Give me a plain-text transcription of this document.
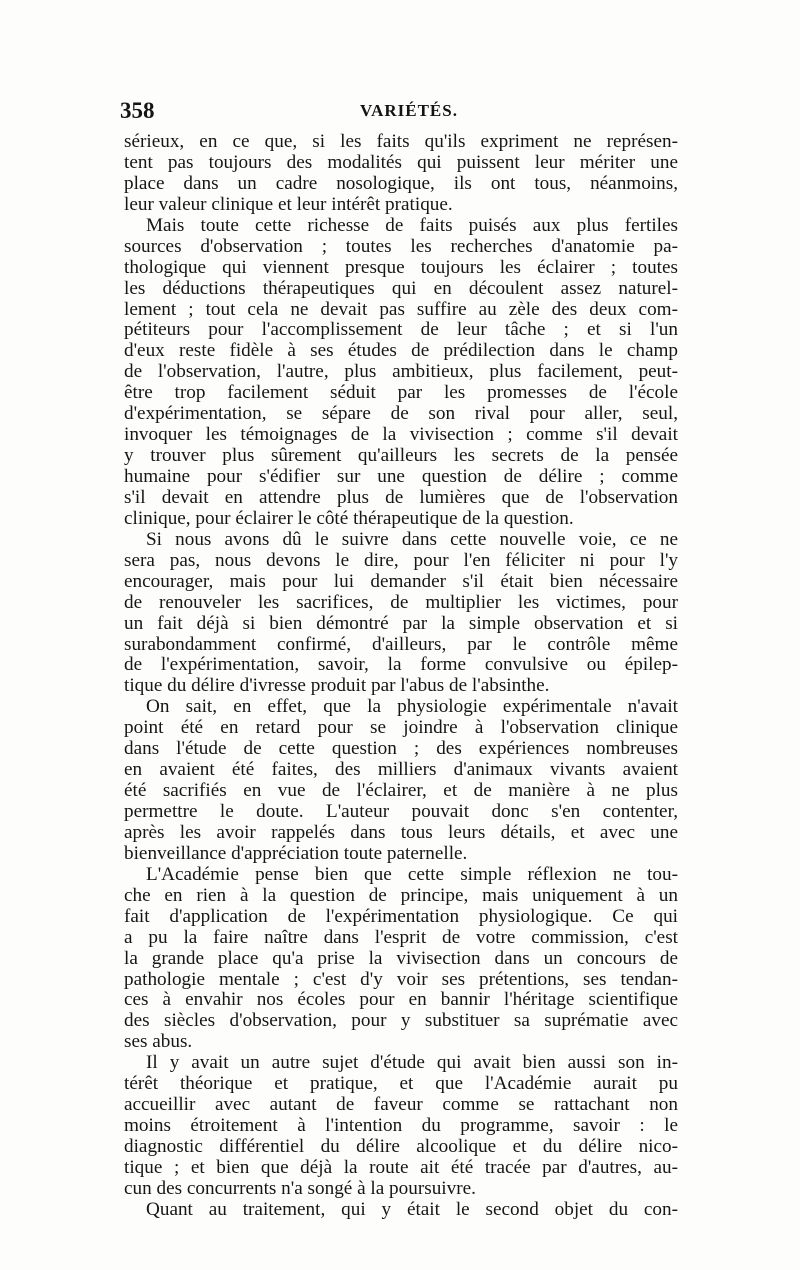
358	VARIÉTÉS.
sérieux, en ce que, si les faits qu'ils expriment ne représen-
tent pas toujours des modalités qui puissent leur mériter une
place dans un cadre nosologique, ils ont tous, néanmoins,
leur valeur clinique et leur intérêt pratique.
Mais toute cette richesse de faits puisés aux plus fertiles
sources d'observation ; toutes les recherches d'anatomie pa-
thologique qui viennent presque toujours les éclairer ; toutes
les déductions thérapeutiques qui en découlent assez naturel-
lement ; tout cela ne devait pas suffire au zèle des deux com-
pétiteurs pour l'accomplissement de leur tâche ; et si l'un
d'eux reste fidèle à ses études de prédilection dans le champ
de l'observation, l'autre, plus ambitieux, plus facilement, peut-
être trop facilement séduit par les promesses de l'école
d'expérimentation, se sépare de son rival pour aller, seul,
invoquer les témoignages de la vivisection ; comme s'il devait
y trouver plus sûrement qu'ailleurs les secrets de la pensée
humaine pour s'édifier sur une question de délire ; comme
s'il devait en attendre plus de lumières que de l'observation
clinique, pour éclairer le côté thérapeutique de la question.
Si nous avons dû le suivre dans cette nouvelle voie, ce ne
sera pas, nous devons le dire, pour l'en féliciter ni pour l'y
encourager, mais pour lui demander s'il était bien nécessaire
de renouveler les sacrifices, de multiplier les victimes, pour
un fait déjà si bien démontré par la simple observation et si
surabondamment confirmé, d'ailleurs, par le contrôle même
de l'expérimentation, savoir, la forme convulsive ou épilep-
tique du délire d'ivresse produit par l'abus de l'absinthe.
On sait, en effet, que la physiologie expérimentale n'avait
point été en retard pour se joindre à l'observation clinique
dans l'étude de cette question ; des expériences nombreuses
en avaient été faites, des milliers d'animaux vivants avaient
été sacrifiés en vue de l'éclairer, et de manière à ne plus
permettre le doute. L'auteur pouvait donc s'en contenter,
après les avoir rappelés dans tous leurs détails, et avec une
bienveillance d'appréciation toute paternelle.
L'Académie pense bien que cette simple réflexion ne tou-
che en rien à la question de principe, mais uniquement à un
fait d'application de l'expérimentation physiologique. Ce qui
a pu la faire naître dans l'esprit de votre commission, c'est
la grande place qu'a prise la vivisection dans un concours de
pathologie mentale ; c'est d'y voir ses prétentions, ses tendan-
ces à envahir nos écoles pour en bannir l'héritage scientifique
des siècles d'observation, pour y substituer sa suprématie avec
ses abus.
Il y avait un autre sujet d'étude qui avait bien aussi son in-
térêt théorique et pratique, et que l'Académie aurait pu
accueillir avec autant de faveur comme se rattachant non
moins étroitement à l'intention du programme, savoir : le
diagnostic différentiel du délire alcoolique et du délire nico-
tique ; et bien que déjà la route ait été tracée par d'autres, au-
cun des concurrents n'a songé à la poursuivre.
Quant au traitement, qui y était le second objet du con-
